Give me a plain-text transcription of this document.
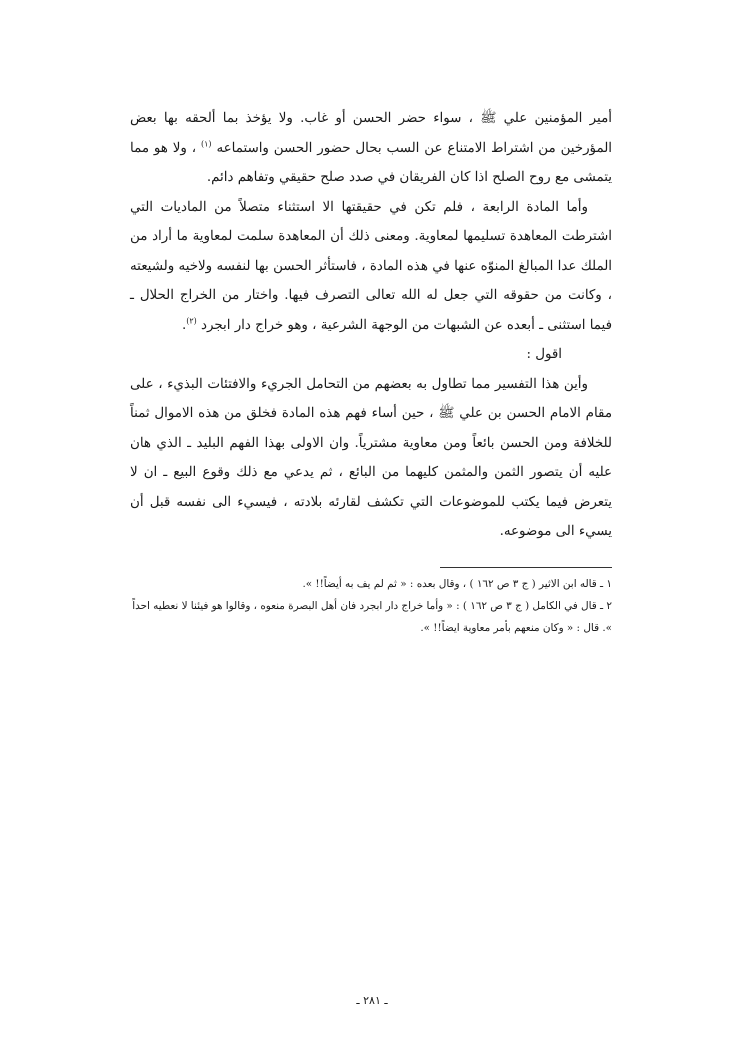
أمير المؤمنين علي ﷺ ، سواء حضر الحسن أو غاب. ولا يؤخذ بما ألحقه بها بعض المؤرخين من اشتراط الامتناع عن السب بحال حضور الحسن واستماعه $^{(١)}$ ، ولا هو مما يتمشى مع روح الصلح اذا كان الفريقان في صدد صلح حقيقي وتفاهم دائم.

وأما المادة الرابعة ، فلم تكن في حقيقتها الا استثناء متصلاً من الماديات التي اشترطت المعاهدة تسليمها لمعاوية. ومعنى ذلك أن المعاهدة سلمت لمعاوية ما أراد من الملك عدا المبالغ المنوّه عنها في هذه المادة ، فاستأثر الحسن بها لنفسه ولاخيه ولشيعته ، وكانت من حقوقه التي جعل له الله تعالى التصرف فيها. واختار من الخراج الحلال ـ فيما استثنى ـ أبعده عن الشبهات من الوجهة الشرعية ، وهو خراج دار ابجرد $^{(٢)}$.

اقول :

وأين هذا التفسير مما تطاول به بعضهم من التحامل الجريء والافتئات البذيء ، على مقام الامام الحسن بن علي ﷺ ، حين أساء فهم هذه المادة فخلق من هذه الاموال ثمناً للخلافة ومن الحسن بائعاً ومن معاوية مشترياً. وان الاولى بهذا الفهم البليد ـ الذي هان عليه أن يتصور الثمن والمثمن كليهما من البائع ، ثم يدعي مع ذلك وقوع البيع ـ ان لا يتعرض فيما يكتب للموضوعات التي تكشف لقارئه بلادته ، فيسيء الى نفسه قبل أن يسيء الى موضوعه.

١ ـ قاله ابن الاثير ( ج ٣ ص ١٦٢ ) ، وقال بعده : « ثم لم يف به أيضاً!! ».

٢ ـ قال في الكامل ( ج ٣ ص ١٦٢ ) : « وأما خراج دار ابجرد فان أهل البصرة منعوه ، وقالوا هو فيئنا لا نعطيه احداً ». قال : « وكان منعهم بأمر معاوية ايضاً!! ».

ـ ٢٨١ ـ
